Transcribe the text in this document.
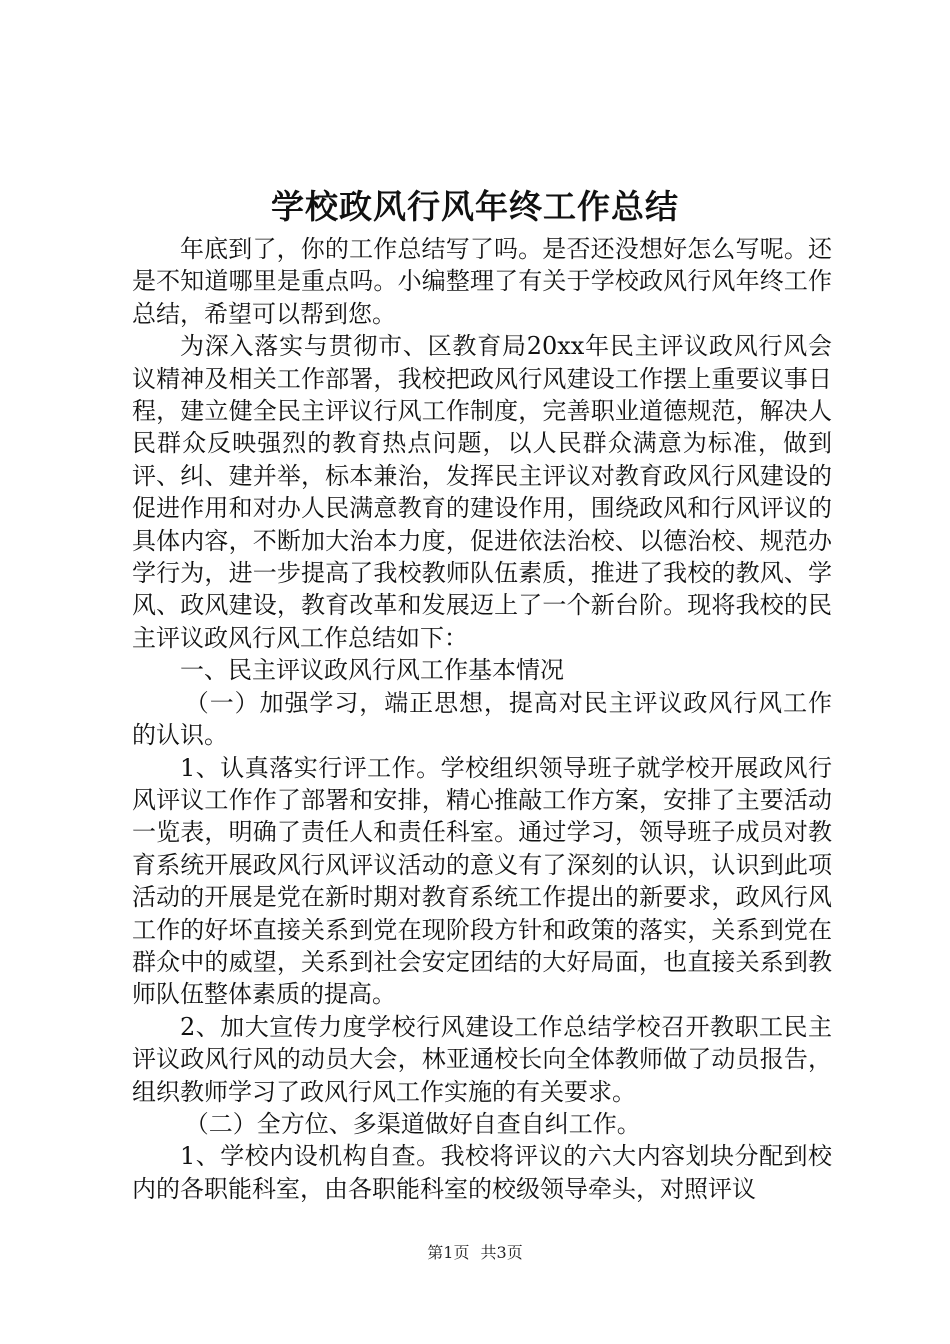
学校政风行风年终工作总结

年底到了，你的工作总结写了吗。是否还没想好怎么写呢。还是不知道哪里是重点吗。小编整理了有关于学校政风行风年终工作总结，希望可以帮到您。

为深入落实与贯彻市、区教育局20xx年民主评议政风行风会议精神及相关工作部署，我校把政风行风建设工作摆上重要议事日程，建立健全民主评议行风工作制度，完善职业道德规范，解决人民群众反映强烈的教育热点问题，以人民群众满意为标准，做到评、纠、建并举，标本兼治，发挥民主评议对教育政风行风建设的促进作用和对办人民满意教育的建设作用，围绕政风和行风评议的具体内容，不断加大治本力度，促进依法治校、以德治校、规范办学行为，进一步提高了我校教师队伍素质，推进了我校的教风、学风、政风建设，教育改革和发展迈上了一个新台阶。现将我校的民主评议政风行风工作总结如下：

一、民主评议政风行风工作基本情况

（一）加强学习，端正思想，提高对民主评议政风行风工作的认识。

1、认真落实行评工作。学校组织领导班子就学校开展政风行风评议工作作了部署和安排，精心推敲工作方案，安排了主要活动一览表，明确了责任人和责任科室。通过学习，领导班子成员对教育系统开展政风行风评议活动的意义有了深刻的认识，认识到此项活动的开展是党在新时期对教育系统工作提出的新要求，政风行风工作的好坏直接关系到党在现阶段方针和政策的落实，关系到党在群众中的威望，关系到社会安定团结的大好局面，也直接关系到教师队伍整体素质的提高。

2、加大宣传力度学校行风建设工作总结学校召开教职工民主评议政风行风的动员大会，林亚通校长向全体教师做了动员报告，组织教师学习了政风行风工作实施的有关要求。

（二）全方位、多渠道做好自查自纠工作。

1、学校内设机构自查。我校将评议的六大内容划块分配到校内的各职能科室，由各职能科室的校级领导牵头，对照评议

第1页 共3页
